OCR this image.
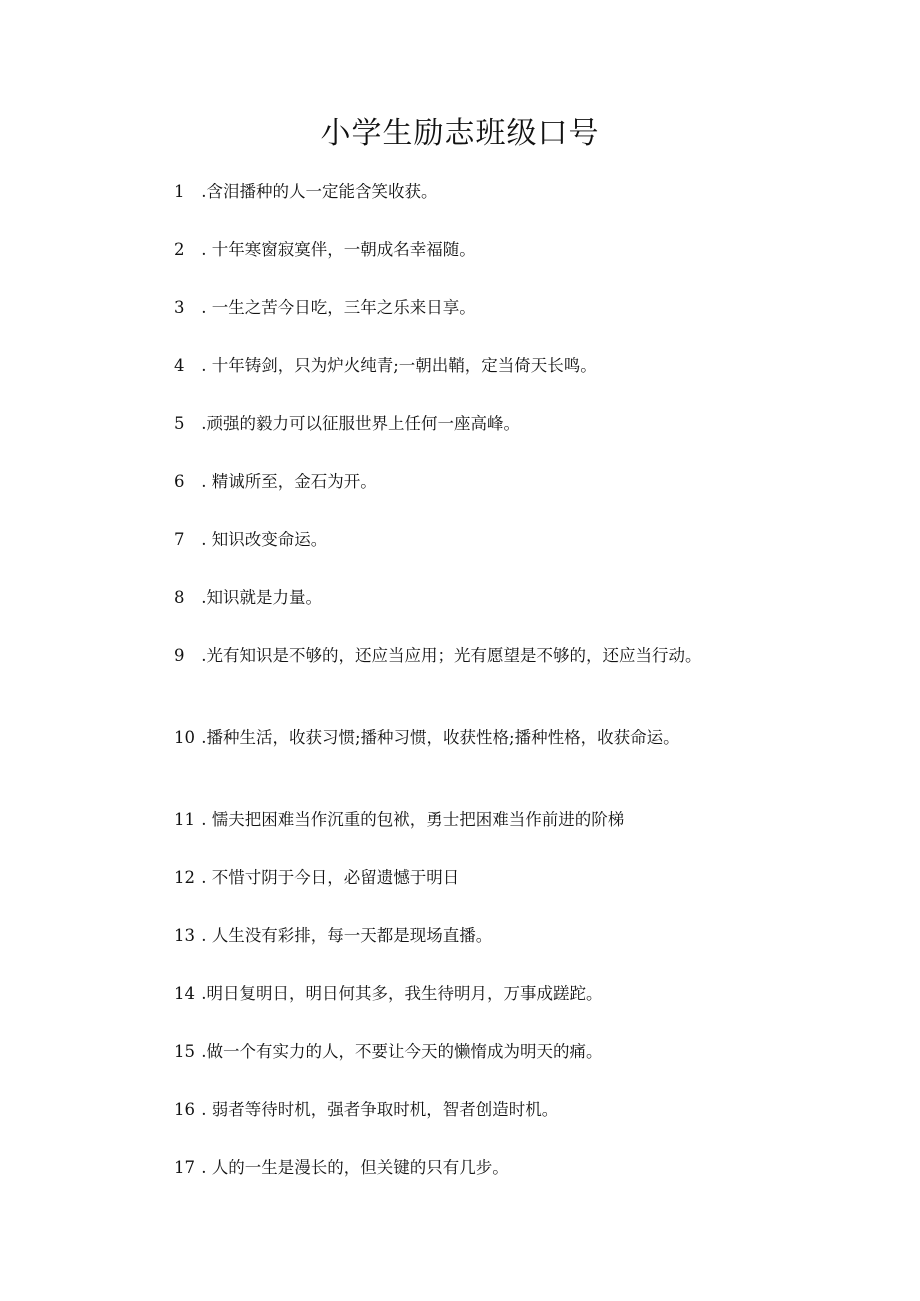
小学生励志班级口号
1 .含泪播种的人一定能含笑收获。
2 . 十年寒窗寂寞伴，一朝成名幸福随。
3 . 一生之苦今日吃，三年之乐来日享。
4 . 十年铸剑，只为炉火纯青;一朝出鞘，定当倚天长鸣。
5 .顽强的毅力可以征服世界上任何一座高峰。
6 . 精诚所至，金石为开。
7 . 知识改变命运。
8 .知识就是力量。
9 .光有知识是不够的，还应当应用；光有愿望是不够的，还应当行动。
10 .播种生活，收获习惯;播种习惯，收获性格;播种性格，收获命运。
11 . 懦夫把困难当作沉重的包袱，勇士把困难当作前进的阶梯
12 . 不惜寸阴于今日，必留遗憾于明日
13 . 人生没有彩排，每一天都是现场直播。
14 .明日复明日，明日何其多，我生待明月，万事成蹉跎。
15 .做一个有实力的人，不要让今天的懒惰成为明天的痛。
16 . 弱者等待时机，强者争取时机，智者创造时机。
17 . 人的一生是漫长的，但关键的只有几步。
